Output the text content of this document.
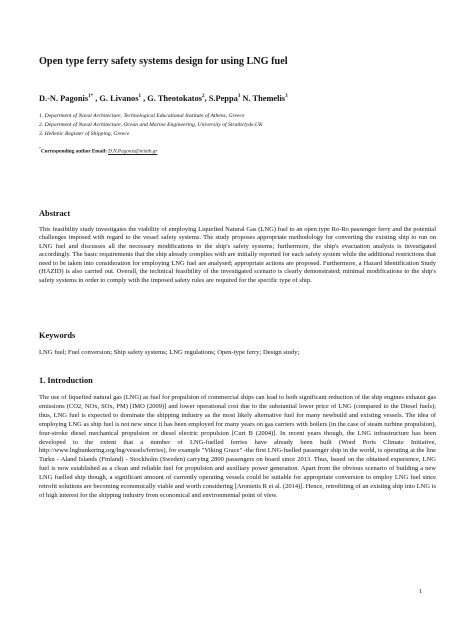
Open type ferry safety systems design for using LNG fuel
D.-N. Pagonis$^{1*}$ , G. Livanos$^1$ , G. Theotokatos$^2$, S.Peppa$^3$ N. Themelis$^3$
1. Department of Naval Architecture, Technological Educational Institute of Athens, Greece
2. Department of Naval Architecture, Ocean and Marine Engineering, University of Strathclyde,UK
3. Hellenic Register of Shipping, Greece
*Corresponding author Email: D.N.Pagonis@teiath.gr
Abstract
This feasibility study investigates the viability of employing Liquefied Natural Gas (LNG) fuel to an open type Ro-Ro passenger ferry and the potential challenges imposed with regard to the vessel safety systems. The study proposes appropriate methodology for converting the existing ship to run on LNG fuel and discusses all the necessary modifications to the ship's safety systems; furthermore, the ship's evacuation analysis is investigated accordingly. The basic requirements that the ship already complies with are initially reported for each safety system while the additional restrictions that need to be taken into consideration for employing LNG fuel are analysed; appropriate actions are proposed. Furthermore, a Hazard Identification Study (HAZID) is also carried out. Overall, the technical feasibility of the investigated scenario is clearly demonstrated; minimal modifications to the ship's safety systems in order to comply with the imposed safety rules are required for the specific type of ship.
Keywords
LNG fuel; Fuel conversion; Ship safety systems; LNG regulations; Open-type ferry; Design study;
1. Introduction
The use of liquefied natural gas (LNG) as fuel for propulsion of commercial ships can lead to both significant reduction of the ship engines exhaust gas emissions (CO2, NOx, SOx, PM) [IMO (2009)] and lower operational cost due to the substantial lower price of LNG (compared to the Diesel fuels); thus, LNG fuel is expected to dominate the shipping industry as the most likely alternative fuel for many newbuild and existing vessels. The idea of employing LNG as ship fuel is not new since it has been employed for many years on gas carriers with boilers (in the case of steam turbine propulsion), four-stroke diesel mechanical propulsion or diesel electric propulsion [Curt B (2004)]. In recent years though, the LNG infrastructure has been developed to the extent that a number of LNG-fuelled ferries have already been built (Word Ports Climate Initiative, http://www.lngbunkering.org/lng/vessels/ferries), for example "Viking Grace" -the first LNG-fuelled passenger ship in the world, is operating at the line Turku - Aland Islands (Finland) - Stockholm (Sweden) carrying 2800 passengers on board since 2013. Thus, based on the obtained experience, LNG fuel is now established as a clean and reliable fuel for propulsion and auxiliary power generation. Apart from the obvious scenario of building a new LNG fuelled ship though, a significant amount of currently operating vessels could be suitable for appropriate conversion to employ LNG fuel since retrofit solutions are becoming economically viable and worth considering [Aronietis R et al. (2014)]. Hence, retrofitting of an existing ship into LNG is of high interest for the shipping industry from economical and environmental point of view.
1
